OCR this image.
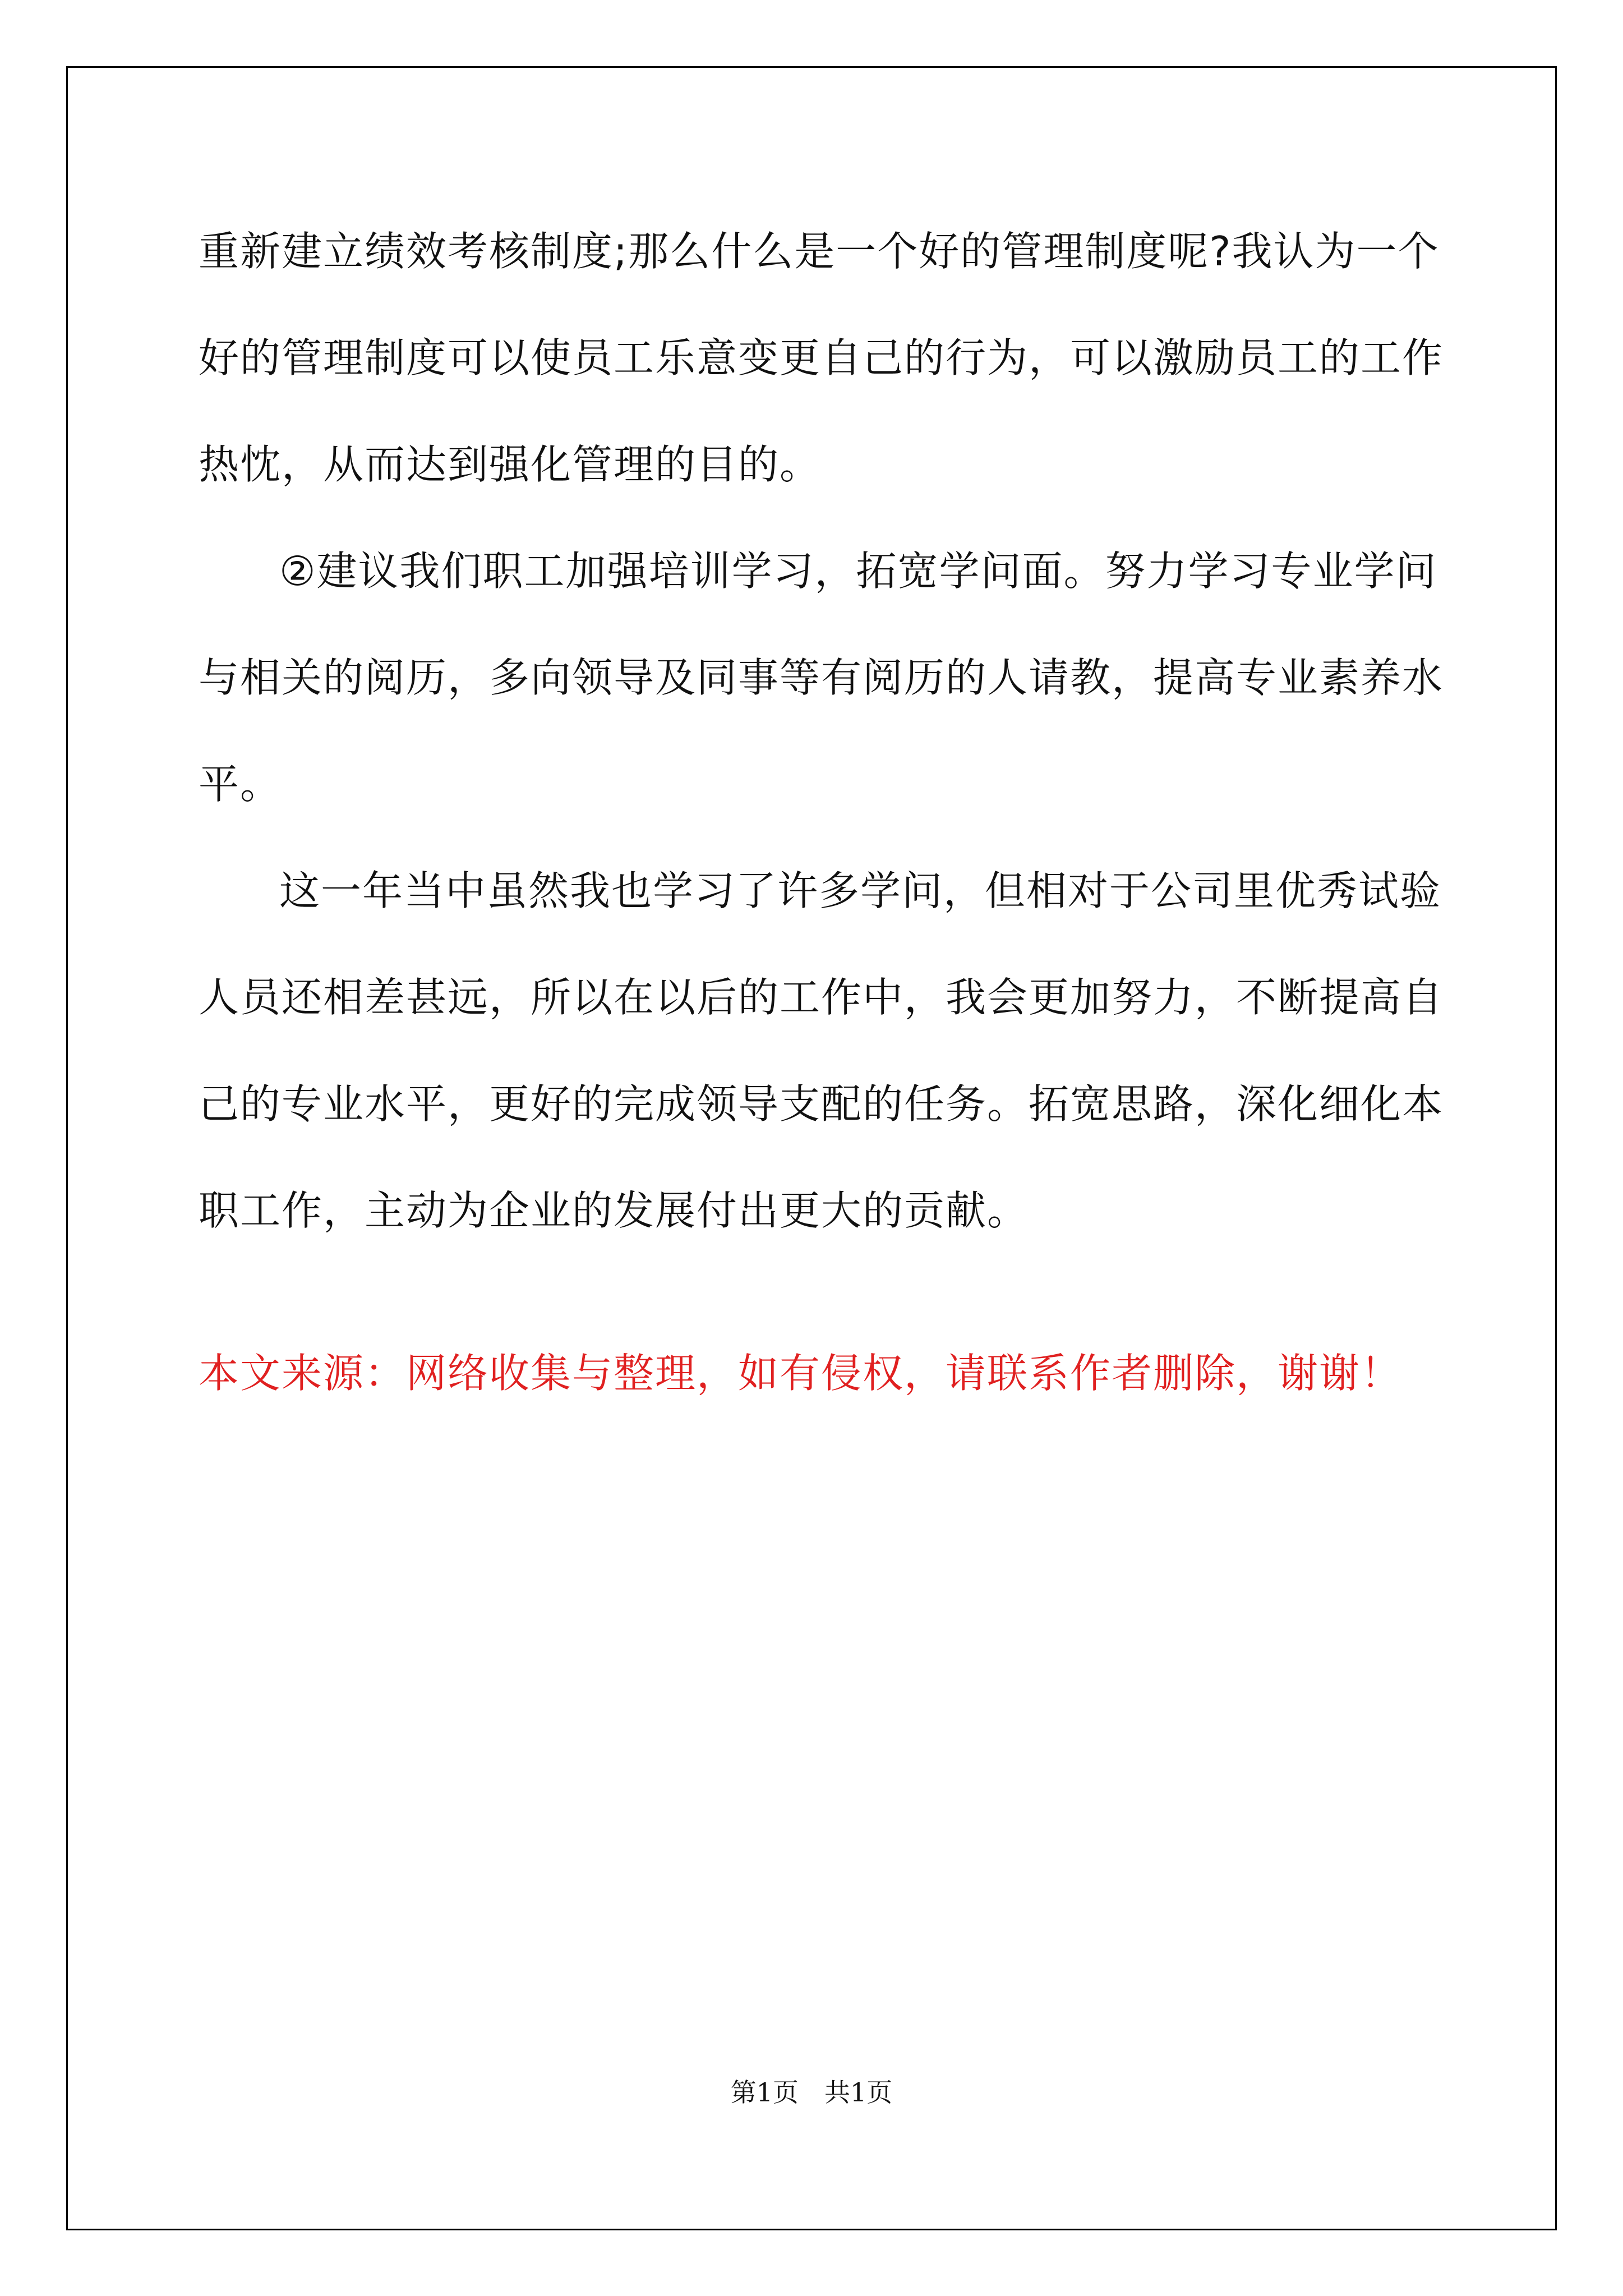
重新建立绩效考核制度;那么什么是一个好的管理制度呢?我认为一个
好的管理制度可以使员工乐意变更自己的行为，可以激励员工的工作
热忱，从而达到强化管理的目的。
②建议我们职工加强培训学习，拓宽学问面。努力学习专业学问
与相关的阅历，多向领导及同事等有阅历的人请教，提高专业素养水
平。
这一年当中虽然我也学习了许多学问，但相对于公司里优秀试验
人员还相差甚远，所以在以后的工作中，我会更加努力，不断提高自
己的专业水平，更好的完成领导支配的任务。拓宽思路，深化细化本
职工作，主动为企业的发展付出更大的贡献。
本文来源：网络收集与整理，如有侵权，请联系作者删除，谢谢！
第1页　共1页
